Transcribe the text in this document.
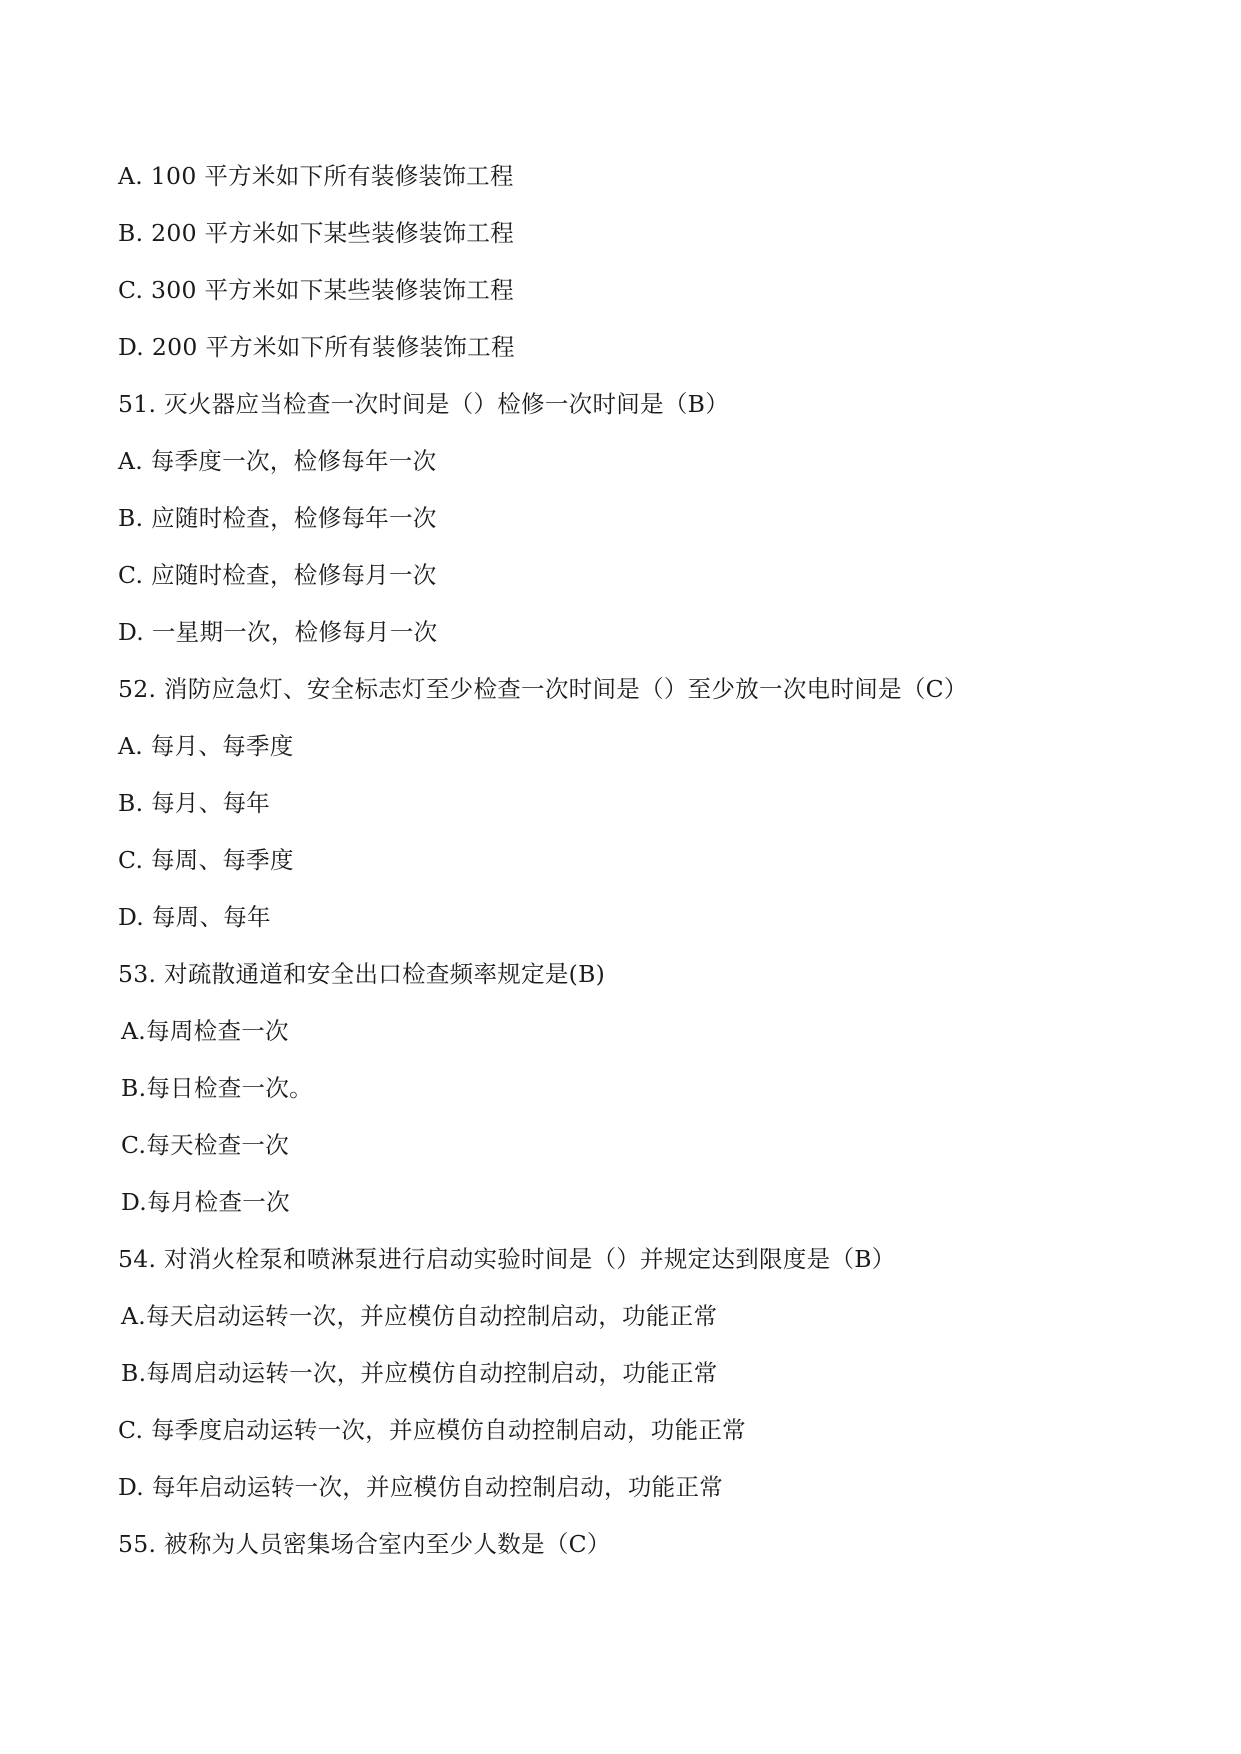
A. 100 平方米如下所有装修装饰工程
B. 200 平方米如下某些装修装饰工程
C. 300 平方米如下某些装修装饰工程
D. 200 平方米如下所有装修装饰工程
51. 灭火器应当检查一次时间是（）检修一次时间是（B）
A. 每季度一次，检修每年一次
B. 应随时检查，检修每年一次
C. 应随时检查，检修每月一次
D. 一星期一次，检修每月一次
52. 消防应急灯、安全标志灯至少检查一次时间是（）至少放一次电时间是（C）
A. 每月、每季度
B. 每月、每年
C. 每周、每季度
D. 每周、每年
53. 对疏散通道和安全出口检查频率规定是(B)
A.每周检查一次
B.每日检查一次。
C.每天检查一次
D.每月检查一次
54. 对消火栓泵和喷淋泵进行启动实验时间是（）并规定达到限度是（B）
A.每天启动运转一次，并应模仿自动控制启动，功能正常
B.每周启动运转一次，并应模仿自动控制启动，功能正常
C. 每季度启动运转一次，并应模仿自动控制启动，功能正常
D. 每年启动运转一次，并应模仿自动控制启动，功能正常
55. 被称为人员密集场合室内至少人数是（C）
